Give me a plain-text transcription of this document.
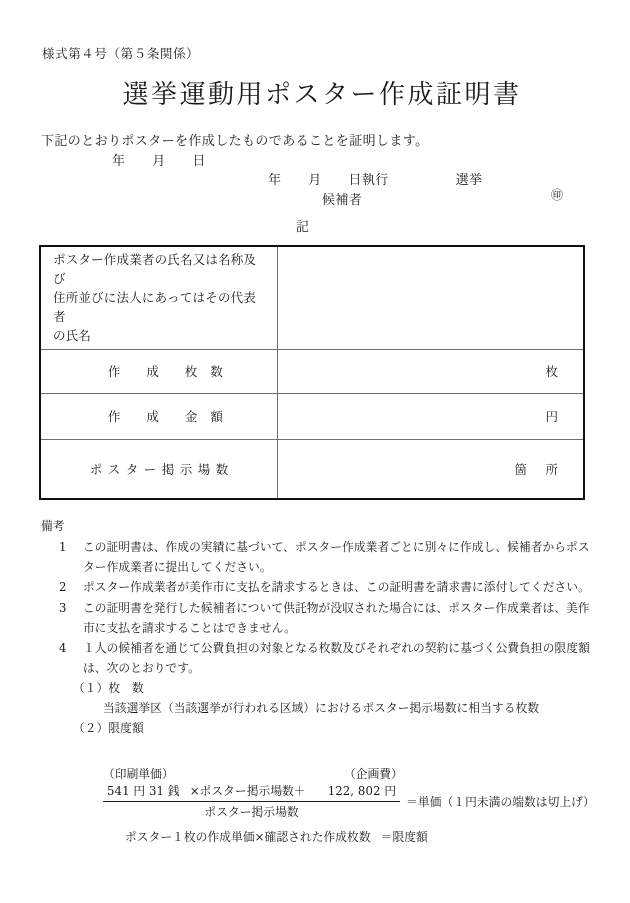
様式第４号（第５条関係）
選挙運動用ポスター作成証明書
下記のとおりポスターを作成したものであることを証明します。
年　　月　　日
年　　月　　日執行　　　　　選挙
候補者	㊞
記
ポスター作成業者の氏名又は名称及び
住所並びに法人にあってはその代表者
の氏名	

作 成 枚数	枚

作 成 金額	円

ポスター掲示場数	箇　所
備考
1	この証明書は、作成の実績に基づいて、ポスター作成業者ごとに別々に作成し、候補者からポスター作成業者に提出してください。
2	ポスター作成業者が美作市に支払を請求するときは、この証明書を請求書に添付してください。
3	この証明書を発行した候補者について供託物が没収された場合には、ポスター作成業者は、美作市に支払を請求することはできません。
4	１人の候補者を通じて公費負担の対象となる枚数及びそれぞれの契約に基づく公費負担の限度額は、次のとおりです。
（１）枚　数
当該選挙区（当該選挙が行われる区域）におけるポスター掲示場数に相当する枚数
（２）限度額
（印刷単価）	（企画費）
$\frac{\text{541 円 31 銭 ×ポスター掲示場数＋ 122, 802 円}}{\text{ポスター掲示場数}}$ ＝単価（１円未満の端数は切上げ）
ポスター１枚の作成単価×確認された作成枚数 ＝限度額
